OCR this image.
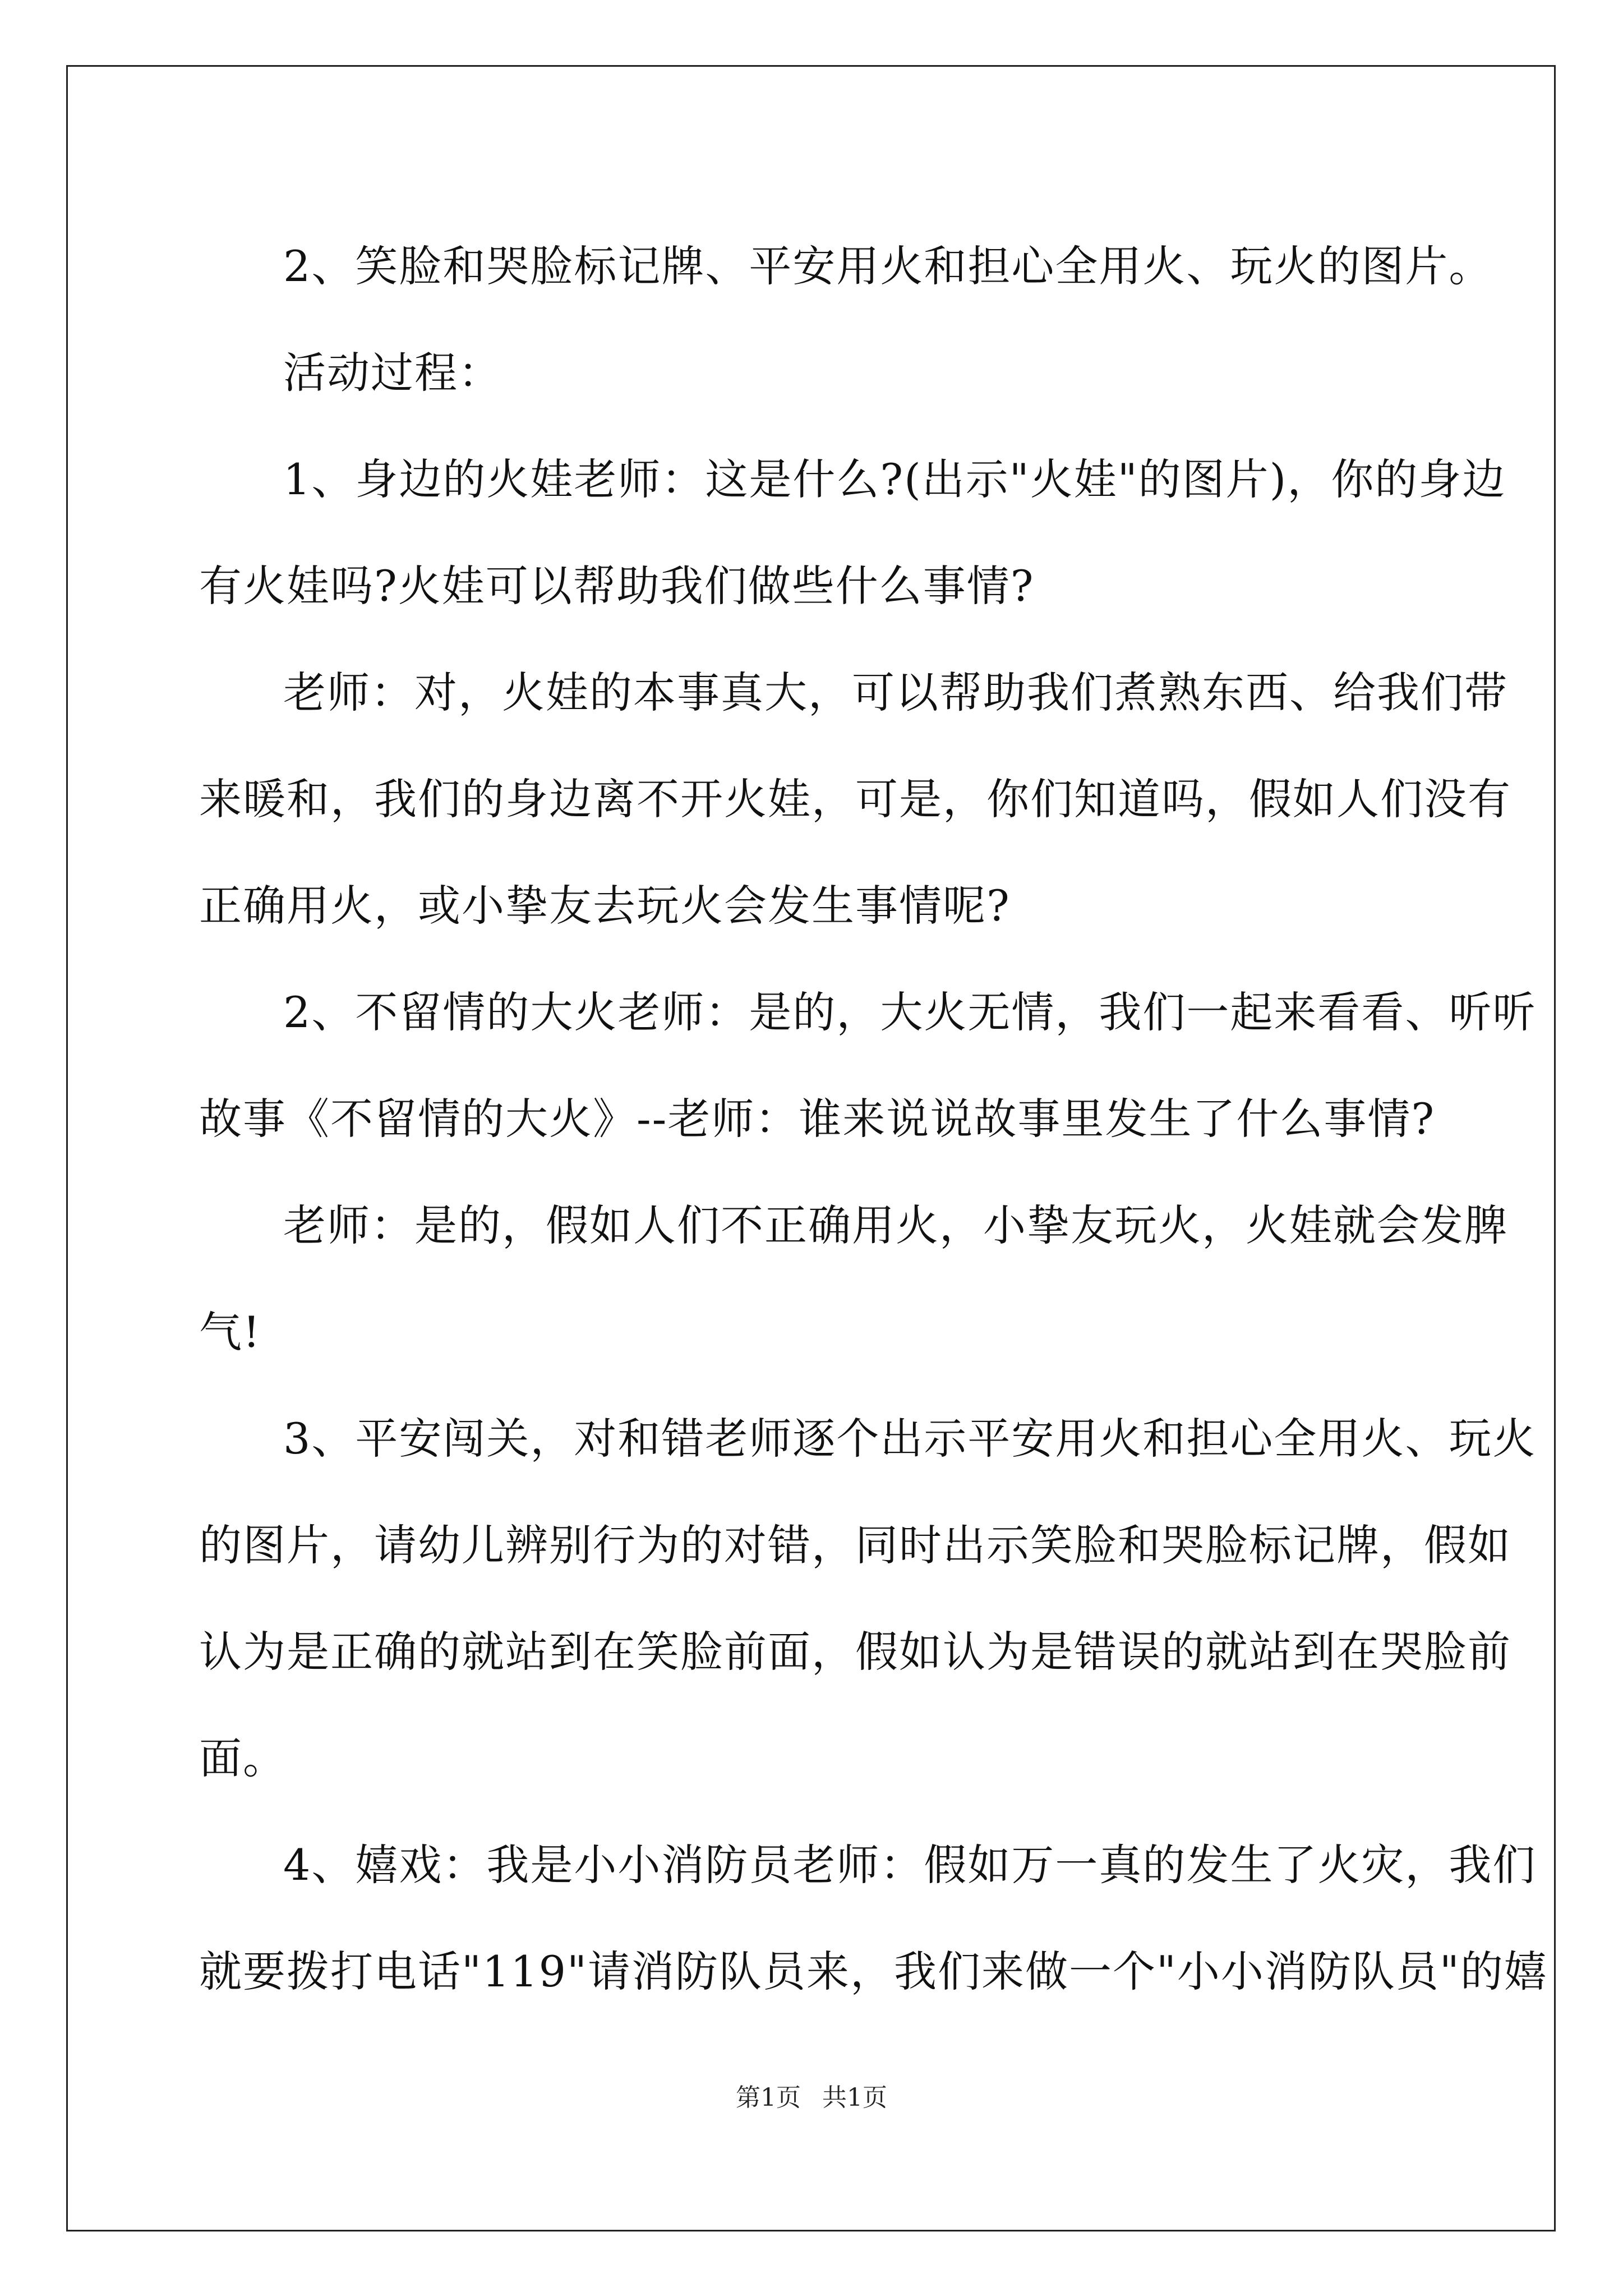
2、笑脸和哭脸标记牌、平安用火和担心全用火、玩火的图片。
活动过程：
1、身边的火娃老师：这是什么?(出示"火娃"的图片)，你的身边
有火娃吗?火娃可以帮助我们做些什么事情?
老师：对，火娃的本事真大，可以帮助我们煮熟东西、给我们带
来暖和，我们的身边离不开火娃，可是，你们知道吗，假如人们没有
正确用火，或小挚友去玩火会发生事情呢?
2、不留情的大火老师：是的，大火无情，我们一起来看看、听听
故事《不留情的大火》--老师：谁来说说故事里发生了什么事情?
老师：是的，假如人们不正确用火，小挚友玩火，火娃就会发脾
气!
3、平安闯关，对和错老师逐个出示平安用火和担心全用火、玩火
的图片，请幼儿辨别行为的对错，同时出示笑脸和哭脸标记牌，假如
认为是正确的就站到在笑脸前面，假如认为是错误的就站到在哭脸前
面。
4、嬉戏：我是小小消防员老师：假如万一真的发生了火灾，我们
就要拨打电话"119"请消防队员来，我们来做一个"小小消防队员"的嬉
第1页 共1页
